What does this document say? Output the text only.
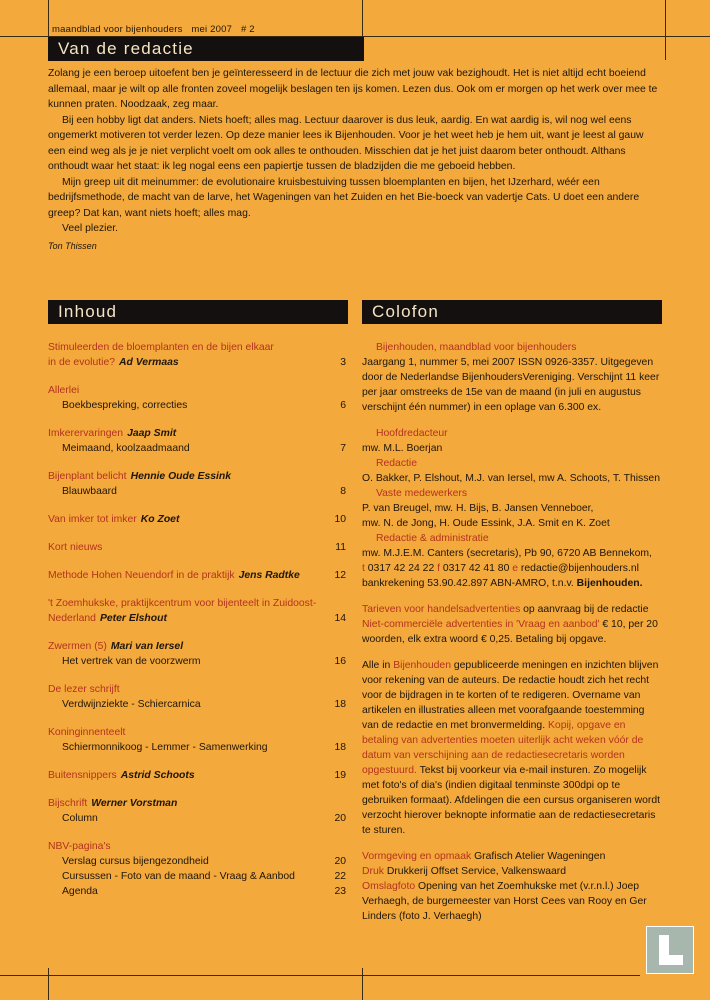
maandblad voor bijenhouders mei 2007 # 2
Van de redactie

Zolang je een beroep uitoefent ben je geïnteresseerd in de lectuur die zich met jouw vak bezighoudt. Het is niet altijd echt boeiend allemaal, maar je wilt op alle fronten zoveel mogelijk beslagen ten ijs komen. Lezen dus. Ook om er morgen op het werk over mee te kunnen praten. Noodzaak, zeg maar.

Bij een hobby ligt dat anders. Niets hoeft; alles mag. Lectuur daarover is dus leuk, aardig. En wat aardig is, wil nog wel eens ongemerkt motiveren tot verder lezen. Op deze manier lees ik Bijenhouden. Voor je het weet heb je hem uit, want je leest al gauw een eind weg als je je niet verplicht voelt om ook alles te onthouden. Misschien dat je het juist daarom beter onthoudt. Althans onthoudt waar het staat: ik leg nogal eens een papiertje tussen de bladzijden die me geboeid hebben.

Mijn greep uit dit meinummer: de evolutionaire kruisbestuiving tussen bloemplanten en bijen, het IJzerhard, wéér een bedrijfsmethode, de macht van de larve, het Wageningen van het Zuiden en het Bie-boeck van vadertje Cats. U doet een andere greep? Dat kan, want niets hoeft; alles mag.

Veel plezier.

Ton Thissen

Inhoud
Stimuleerden de bloemplanten en de bijen elkaar
in de evolutie? Ad Vermaas	3
Allerlei
Boekbespreking, correcties	6
Imkerervaringen Jaap Smit
Meimaand, koolzaadmaand	7
Bijenplant belicht Hennie Oude Essink
Blauwbaard	8
Van imker tot imker Ko Zoet	10
Kort nieuws	11
Methode Hohen Neuendorf in de praktijk Jens Radtke	12
't Zoemhukske, praktijkcentrum voor bijenteelt in Zuidoost-
Nederland Peter Elshout	14
Zwermen (5) Mari van Iersel
Het vertrek van de voorzwerm	16
De lezer schrijft
Verdwijnziekte - Schiercarnica	18
Koninginnenteelt
Schiermonnikoog - Lemmer - Samenwerking	18
Buitensnippers Astrid Schoots	19
Bijschrift Werner Vorstman
Column	20
NBV-pagina's
Verslag cursus bijengezondheid	20
Cursussen - Foto van de maand - Vraag & Aanbod	22
Agenda	23
Colofon
Bijenhouden, maandblad voor bijenhouders

Jaargang 1, nummer 5, mei 2007 ISSN 0926-3357. Uitgegeven door de Nederlandse BijenhoudersVereniging. Verschijnt 11 keer per jaar omstreeks de 15e van de maand (in juli en augustus verschijnt één nummer) in een oplage van 6.300 ex.

Hoofdredacteur

mw. M.L. Boerjan

Redactie

O. Bakker, P. Elshout, M.J. van Iersel, mw A. Schoots, T. Thissen

Vaste medewerkers

P. van Breugel, mw. H. Bijs, B. Jansen Venneboer,

mw. N. de Jong, H. Oude Essink, J.A. Smit en K. Zoet

Redactie & administratie

mw. M.J.E.M. Canters (secretaris), Pb 90, 6720 AB Bennekom,

t 0317 42 24 22 f 0317 42 41 80 e redactie@bijenhouders.nl

bankrekening 53.90.42.897 ABN-AMRO, t.n.v. Bijenhouden.

Tarieven voor handelsadvertenties op aanvraag bij de redactie Niet-commerciële advertenties in 'Vraag en aanbod' € 10, per 20 woorden, elk extra woord € 0,25. Betaling bij opgave.

Alle in Bijenhouden gepubliceerde meningen en inzichten blijven voor rekening van de auteurs. De redactie houdt zich het recht voor de bijdragen in te korten of te redigeren. Overname van artikelen en illustraties alleen met voorafgaande toestemming van de redactie en met bronvermelding. Kopij, opgave en betaling van advertenties moeten uiterlijk acht weken vóór de datum van verschijning aan de redactiesecretaris worden opgestuurd. Tekst bij voorkeur via e-mail insturen. Zo mogelijk met foto's of dia's (indien digitaal tenminste 300dpi op te gebruiken formaat). Afdelingen die een cursus organiseren wordt verzocht hierover beknopte informatie aan de redactiesecretaris te sturen.

Vormgeving en opmaak Grafisch Atelier Wageningen

Druk Drukkerij Offset Service, Valkenswaard

Omslagfoto Opening van het Zoemhukske met (v.r.n.l.) Joep Verhaegh, de burgemeester van Horst Cees van Rooy en Ger Linders (foto J. Verhaegh)
